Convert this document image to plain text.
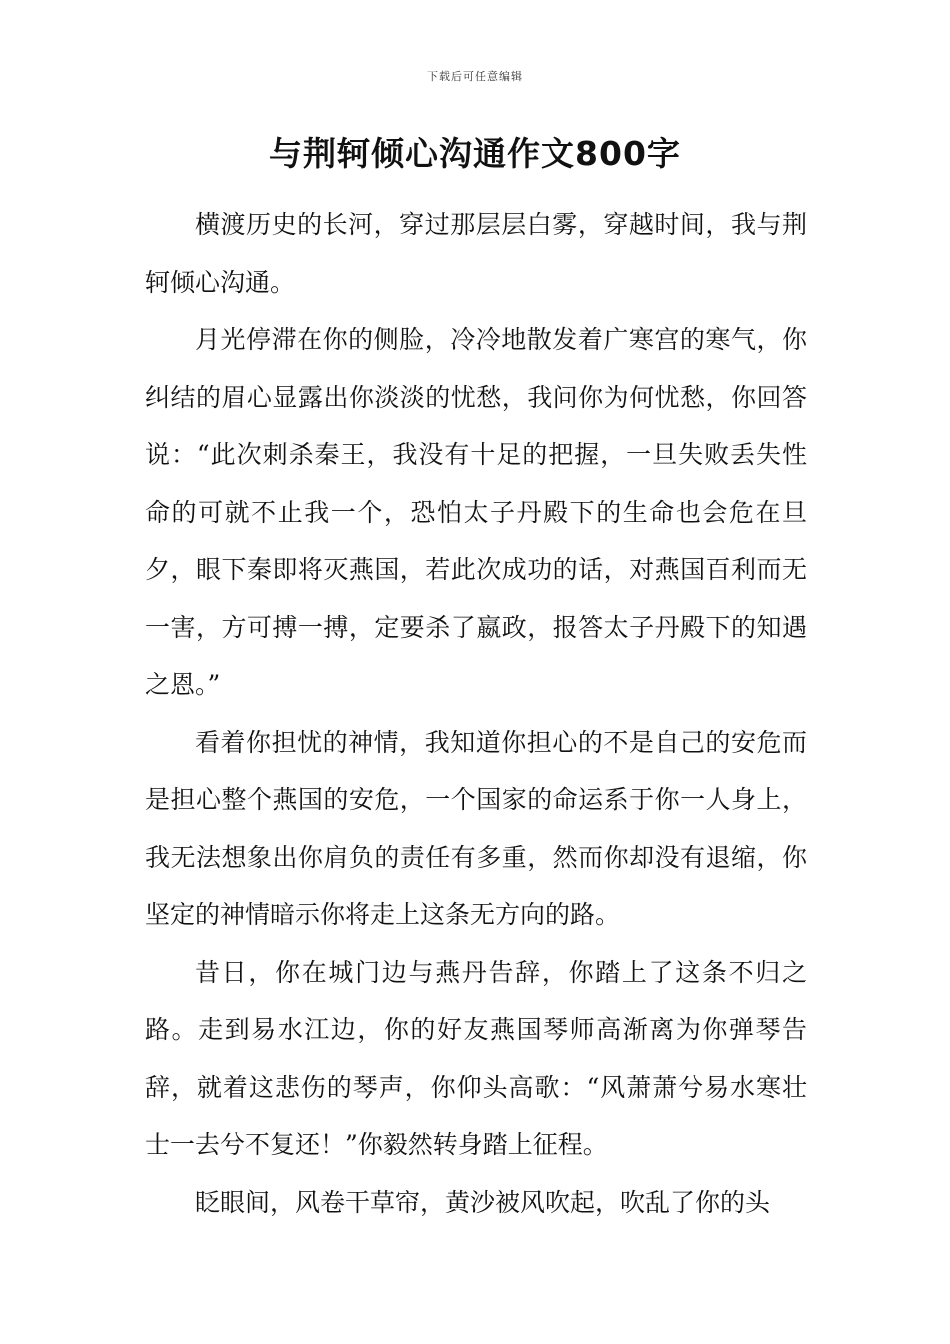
下载后可任意编辑
与荆轲倾心沟通作文800字

横渡历史的长河，穿过那层层白雾，穿越时间，我与荆轲倾心沟通。

月光停滞在你的侧脸，冷冷地散发着广寒宫的寒气，你纠结的眉心显露出你淡淡的忧愁，我问你为何忧愁，你回答说：“此次刺杀秦王，我没有十足的把握，一旦失败丢失性命的可就不止我一个，恐怕太子丹殿下的生命也会危在旦夕，眼下秦即将灭燕国，若此次成功的话，对燕国百利而无一害，方可搏一搏，定要杀了嬴政，报答太子丹殿下的知遇之恩。”

看着你担忧的神情，我知道你担心的不是自己的安危而是担心整个燕国的安危，一个国家的命运系于你一人身上，我无法想象出你肩负的责任有多重，然而你却没有退缩，你坚定的神情暗示你将走上这条无方向的路。

昔日，你在城门边与燕丹告辞，你踏上了这条不归之路。走到易水江边，你的好友燕国琴师高渐离为你弹琴告辞，就着这悲伤的琴声，你仰头高歌：“风萧萧兮易水寒壮士一去兮不复还！”你毅然转身踏上征程。

眨眼间，风卷干草帘，黄沙被风吹起，吹乱了你的头
